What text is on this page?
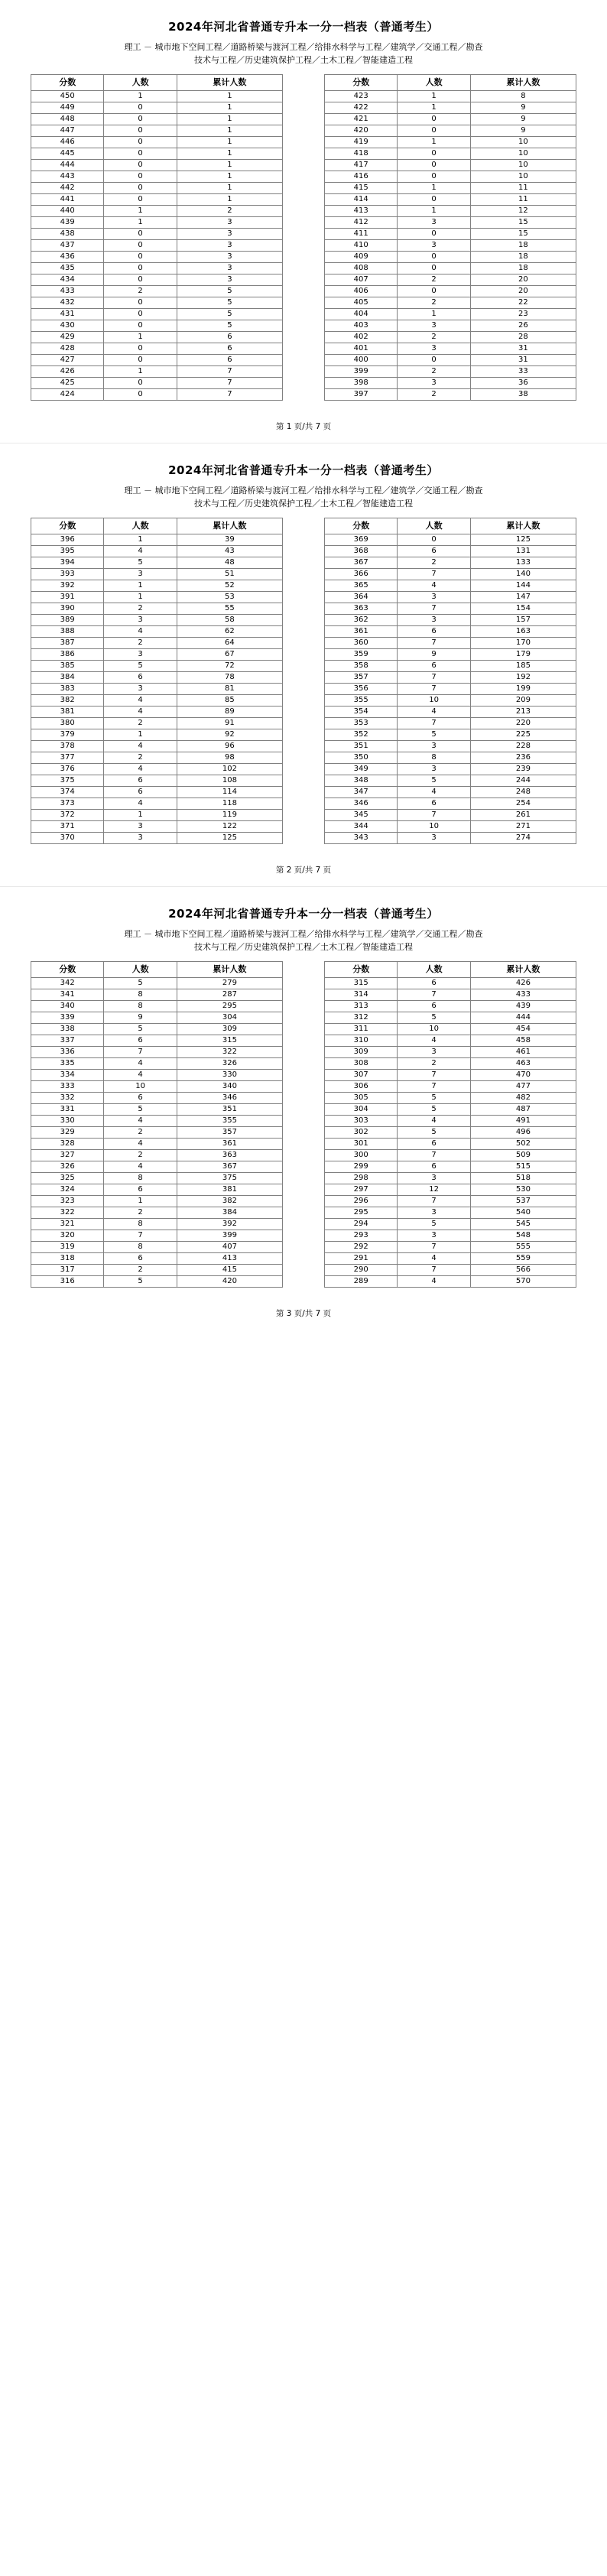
2024年河北省普通专升本一分一档表（普通考生）
理工 － 城市地下空间工程／道路桥梁与渡河工程／给排水科学与工程／建筑学／交通工程／勘查
技术与工程／历史建筑保护工程／土木工程／智能建造工程
分数	人数	累计人数
450	1	1
449	0	1
448	0	1
447	0	1
446	0	1
445	0	1
444	0	1
443	0	1
442	0	1
441	0	1
440	1	2
439	1	3
438	0	3
437	0	3
436	0	3
435	0	3
434	0	3
433	2	5
432	0	5
431	0	5
430	0	5
429	1	6
428	0	6
427	0	6
426	1	7
425	0	7
424	0	7
分数	人数	累计人数
423	1	8
422	1	9
421	0	9
420	0	9
419	1	10
418	0	10
417	0	10
416	0	10
415	1	11
414	0	11
413	1	12
412	3	15
411	0	15
410	3	18
409	0	18
408	0	18
407	2	20
406	0	20
405	2	22
404	1	23
403	3	26
402	2	28
401	3	31
400	0	31
399	2	33
398	3	36
397	2	38
第 1 页/共 7 页
2024年河北省普通专升本一分一档表（普通考生）
理工 － 城市地下空间工程／道路桥梁与渡河工程／给排水科学与工程／建筑学／交通工程／勘查
技术与工程／历史建筑保护工程／土木工程／智能建造工程
分数	人数	累计人数
396	1	39
395	4	43
394	5	48
393	3	51
392	1	52
391	1	53
390	2	55
389	3	58
388	4	62
387	2	64
386	3	67
385	5	72
384	6	78
383	3	81
382	4	85
381	4	89
380	2	91
379	1	92
378	4	96
377	2	98
376	4	102
375	6	108
374	6	114
373	4	118
372	1	119
371	3	122
370	3	125
分数	人数	累计人数
369	0	125
368	6	131
367	2	133
366	7	140
365	4	144
364	3	147
363	7	154
362	3	157
361	6	163
360	7	170
359	9	179
358	6	185
357	7	192
356	7	199
355	10	209
354	4	213
353	7	220
352	5	225
351	3	228
350	8	236
349	3	239
348	5	244
347	4	248
346	6	254
345	7	261
344	10	271
343	3	274
第 2 页/共 7 页
2024年河北省普通专升本一分一档表（普通考生）
理工 － 城市地下空间工程／道路桥梁与渡河工程／给排水科学与工程／建筑学／交通工程／勘查
技术与工程／历史建筑保护工程／土木工程／智能建造工程
分数	人数	累计人数
342	5	279
341	8	287
340	8	295
339	9	304
338	5	309
337	6	315
336	7	322
335	4	326
334	4	330
333	10	340
332	6	346
331	5	351
330	4	355
329	2	357
328	4	361
327	2	363
326	4	367
325	8	375
324	6	381
323	1	382
322	2	384
321	8	392
320	7	399
319	8	407
318	6	413
317	2	415
316	5	420
分数	人数	累计人数
315	6	426
314	7	433
313	6	439
312	5	444
311	10	454
310	4	458
309	3	461
308	2	463
307	7	470
306	7	477
305	5	482
304	5	487
303	4	491
302	5	496
301	6	502
300	7	509
299	6	515
298	3	518
297	12	530
296	7	537
295	3	540
294	5	545
293	3	548
292	7	555
291	4	559
290	7	566
289	4	570
第 3 页/共 7 页
